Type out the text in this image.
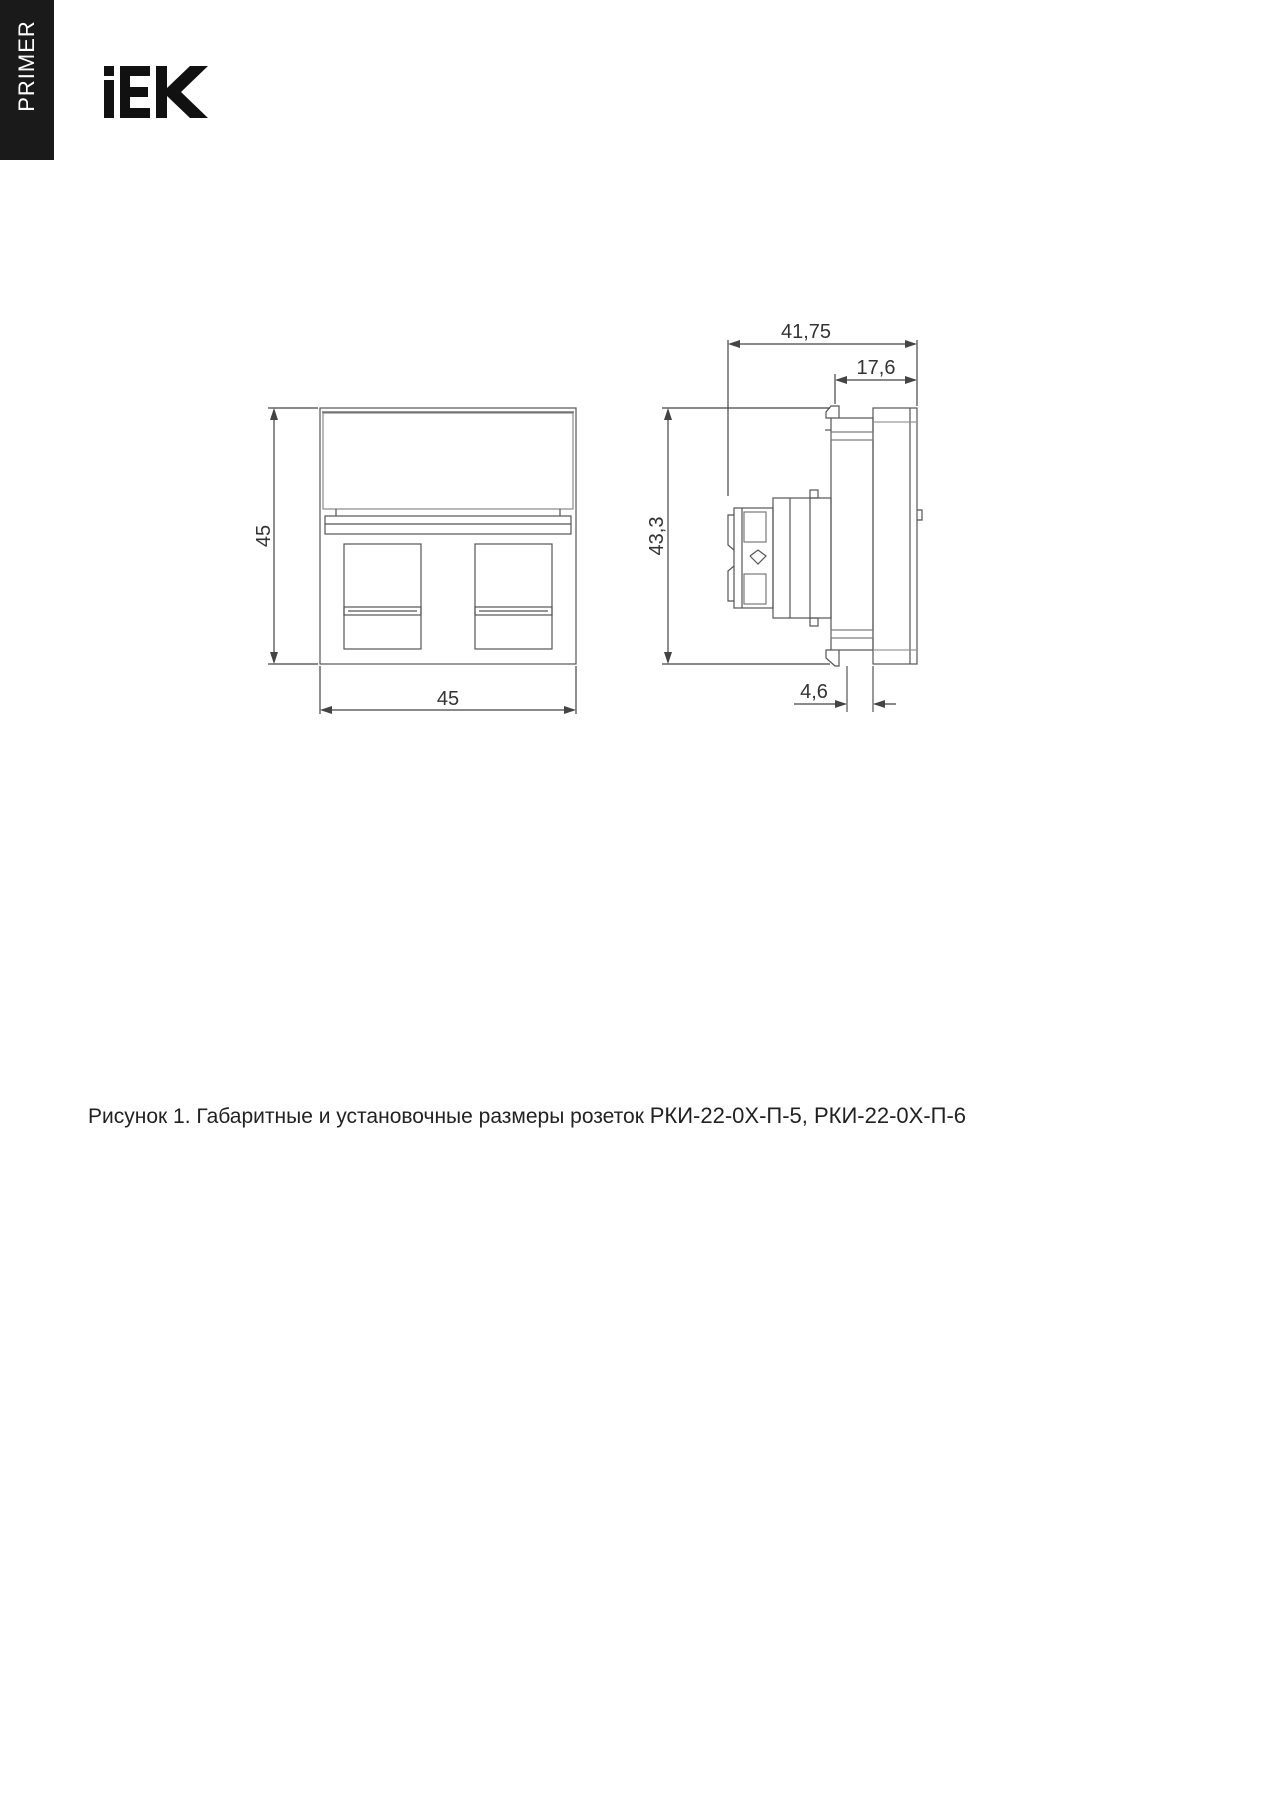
PRIMER
45
45
41,75
17,6
43,3
4,6
Рисунок 1. Габаритные и установочные размеры розеток РКИ-22-0Х-П-5, РКИ-22-0Х-П-6
